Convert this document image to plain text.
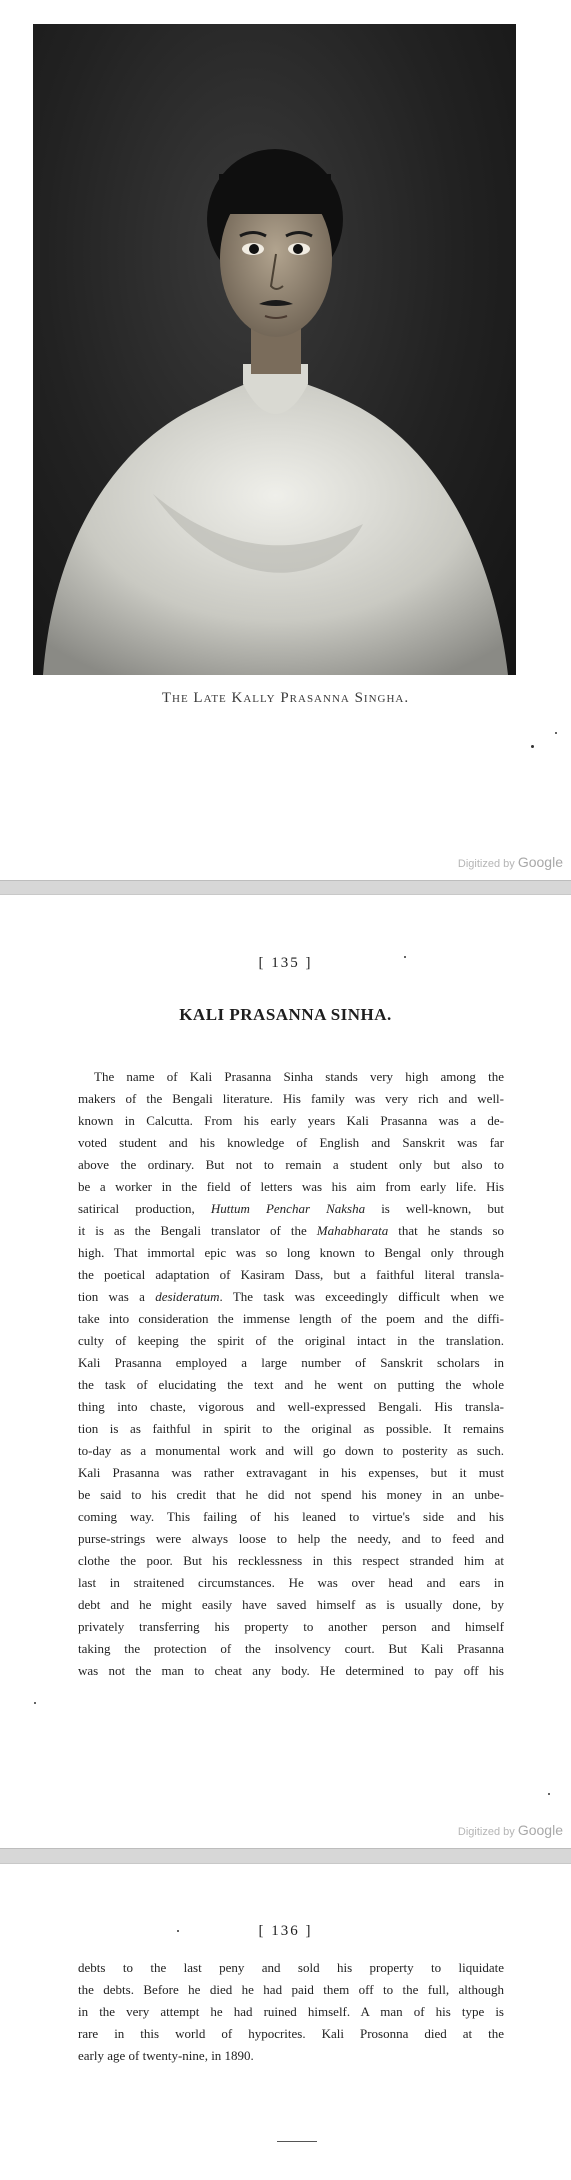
The Late Kally Prasanna Singha.
Digitized by Google
[ 135 ]
KALI PRASANNA SINHA.
The name of Kali Prasanna Sinha stands very high among the
makers of the Bengali literature. His family was very rich and well-
known in Calcutta. From his early years Kali Prasanna was a de-
voted student and his knowledge of English and Sanskrit was far
above the ordinary. But not to remain a student only but also to
be a worker in the field of letters was his aim from early life. His
satirical production, Huttum Penchar Naksha is well-known, but
it is as the Bengali translator of the Mahabharata that he stands so
high. That immortal epic was so long known to Bengal only through
the poetical adaptation of Kasiram Dass, but a faithful literal transla-
tion was a desideratum. The task was exceedingly difficult when we
take into consideration the immense length of the poem and the diffi-
culty of keeping the spirit of the original intact in the translation.
Kali Prasanna employed a large number of Sanskrit scholars in
the task of elucidating the text and he went on putting the whole
thing into chaste, vigorous and well-expressed Bengali. His transla-
tion is as faithful in spirit to the original as possible. It remains
to-day as a monumental work and will go down to posterity as such.
Kali Prasanna was rather extravagant in his expenses, but it must
be said to his credit that he did not spend his money in an unbe-
coming way. This failing of his leaned to virtue's side and his
purse-strings were always loose to help the needy, and to feed and
clothe the poor. But his recklessness in this respect stranded him at
last in straitened circumstances. He was over head and ears in
debt and he might easily have saved himself as is usually done, by
privately transferring his property to another person and himself
taking the protection of the insolvency court. But Kali Prasanna
was not the man to cheat any body. He determined to pay off his
Digitized by Google
[ 136 ]
debts to the last peny and sold his property to liquidate
the debts. Before he died he had paid them off to the full, although
in the very attempt he had ruined himself. A man of his type is
rare in this world of hypocrites. Kali Prosonna died at the
early age of twenty-nine, in 1890.
